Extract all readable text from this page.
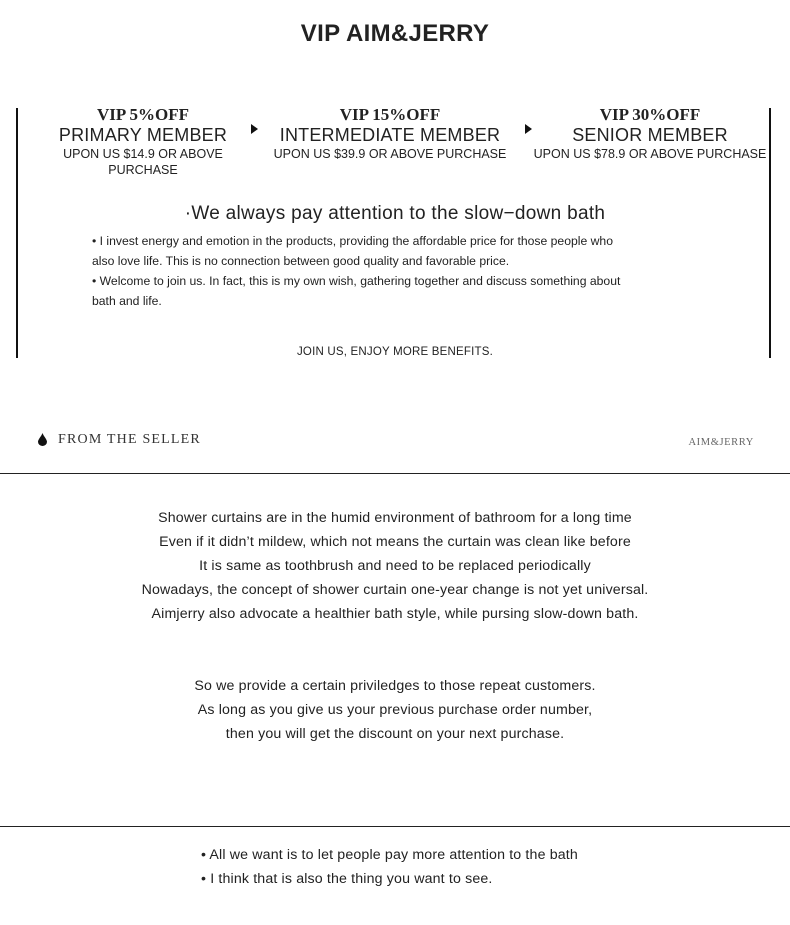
VIP AIM&JERRY
VIP 5%OFF
PRIMARY MEMBER
UPON US $14.9 OR ABOVE PURCHASE
VIP 15%OFF
INTERMEDIATE MEMBER
UPON US $39.9 OR ABOVE PURCHASE
VIP 30%OFF
SENIOR MEMBER
UPON US $78.9 OR ABOVE PURCHASE
·We always pay attention to the slow−down bath
• I invest energy and emotion in the products, providing the affordable price for those people who
also love life. This is no connection between good quality and favorable price.
• Welcome to join us. In fact, this is my own wish, gathering together and discuss something about
bath and life.
JOIN US, ENJOY MORE BENEFITS.
FROM THE SELLER	AIM&JERRY
Shower curtains are in the humid environment of bathroom for a long time
Even if it didn’t mildew, which not means the curtain was clean like before
It is same as toothbrush and need to be replaced periodically
Nowadays, the concept of shower curtain one-year change is not yet universal.
Aimjerry also advocate a healthier bath style, while pursing slow-down bath.
So we provide a certain priviledges to those repeat customers.
As long as you give us your previous purchase order number,
then you will get the discount on your next purchase.
• All we want is to let people pay more attention to the bath
• I think that is also the thing you want to see.
